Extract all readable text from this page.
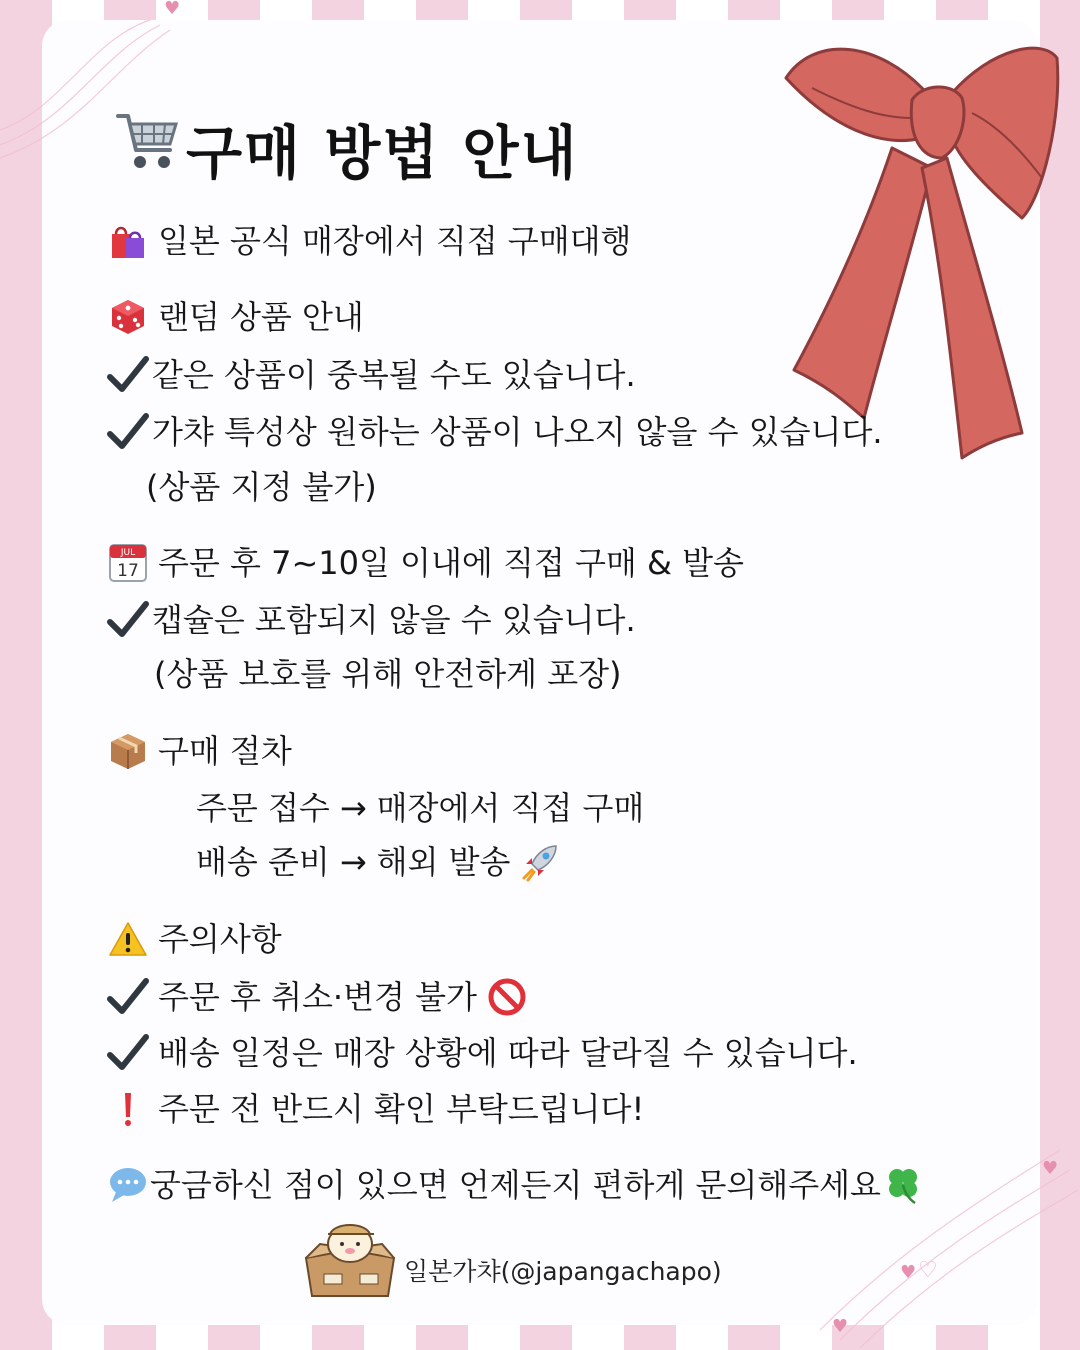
♥
♥
♥ ♡
♥
구매 방법 안내
일본 공식 매장에서 직접 구매대행
랜덤 상품 안내
같은 상품이 중복될 수도 있습니다.
가챠 특성상 원하는 상품이 나오지 않을 수 있습니다.
(상품 지정 불가)
JUL
17 주문 후 7~10일 이내에 직접 구매 & 발송
캡슐은 포함되지 않을 수 있습니다.
(상품 보호를 위해 안전하게 포장)
구매 절차
주문 접수 → 매장에서 직접 구매
배송 준비 → 해외 발송
주의사항
주문 후 취소·변경 불가
배송 일정은 매장 상황에 따라 달라질 수 있습니다.
주문 전 반드시 확인 부탁드립니다!
궁금하신 점이 있으면 언제든지 편하게 문의해주세요
일본가챠(@japangachapo)
